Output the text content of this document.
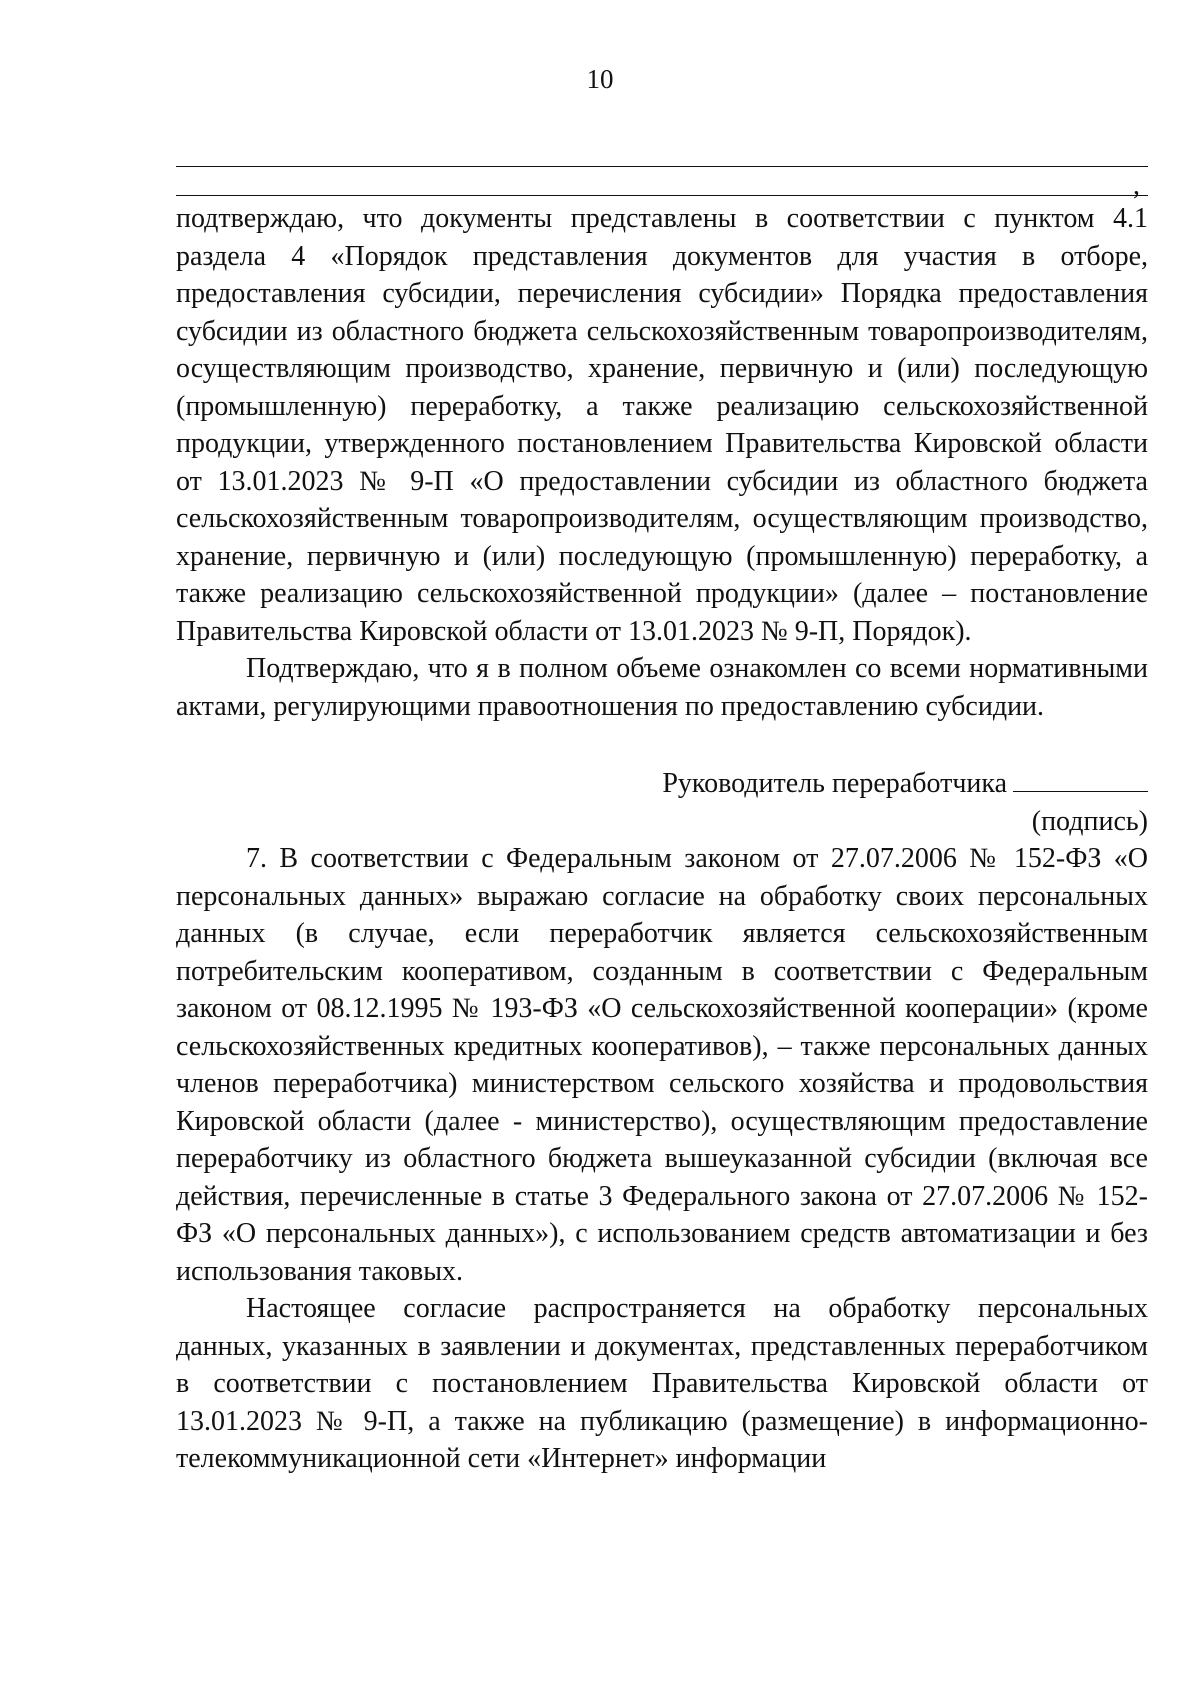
10
,

подтверждаю, что документы представлены в соответствии с пунктом 4.1 раздела 4 «Порядок представления документов для участия в отборе, предоставления субсидии, перечисления субсидии» Порядка предоставления субсидии из областного бюджета сельскохозяйственным товаропроизводителям, осуществляющим производство, хранение, первичную и (или) последующую (промышленную) переработку, а также реализацию сельскохозяйственной продукции, утвержденного постановлением Правительства Кировской области от 13.01.2023 № 9-П «О предоставлении субсидии из областного бюджета сельскохозяйственным товаропроизводителям, осуществляющим производство, хранение, первичную и (или) последующую (промышленную) переработку, а также реализацию сельскохозяйственной продукции» (далее – постановление Правительства Кировской области от 13.01.2023 № 9-П, Порядок).

Подтверждаю, что я в полном объеме ознакомлен со всеми нормативными актами, регулирующими правоотношения по предоставлению субсидии.

Руководитель переработчика
(подпись)

7. В соответствии с Федеральным законом от 27.07.2006 № 152-ФЗ «О персональных данных» выражаю согласие на обработку своих персональных данных (в случае, если переработчик является сельскохозяйственным потребительским кооперативом, созданным в соответствии с Федеральным законом от 08.12.1995 № 193-ФЗ «О сельскохозяйственной кооперации» (кроме сельскохозяйственных кредитных кооперативов), – также персональных данных членов переработчика) министерством сельского хозяйства и продовольствия Кировской области (далее - министерство), осуществляющим предоставление переработчику из областного бюджета вышеуказанной субсидии (включая все действия, перечисленные в статье 3 Федерального закона от 27.07.2006 № 152-ФЗ «О персональных данных»), с использованием средств автоматизации и без использования таковых.

Настоящее согласие распространяется на обработку персональных данных, указанных в заявлении и документах, представленных переработчиком в соответствии с постановлением Правительства Кировской области от 13.01.2023 № 9-П, а также на публикацию (размещение) в информационно-телекоммуникационной сети «Интернет» информации
